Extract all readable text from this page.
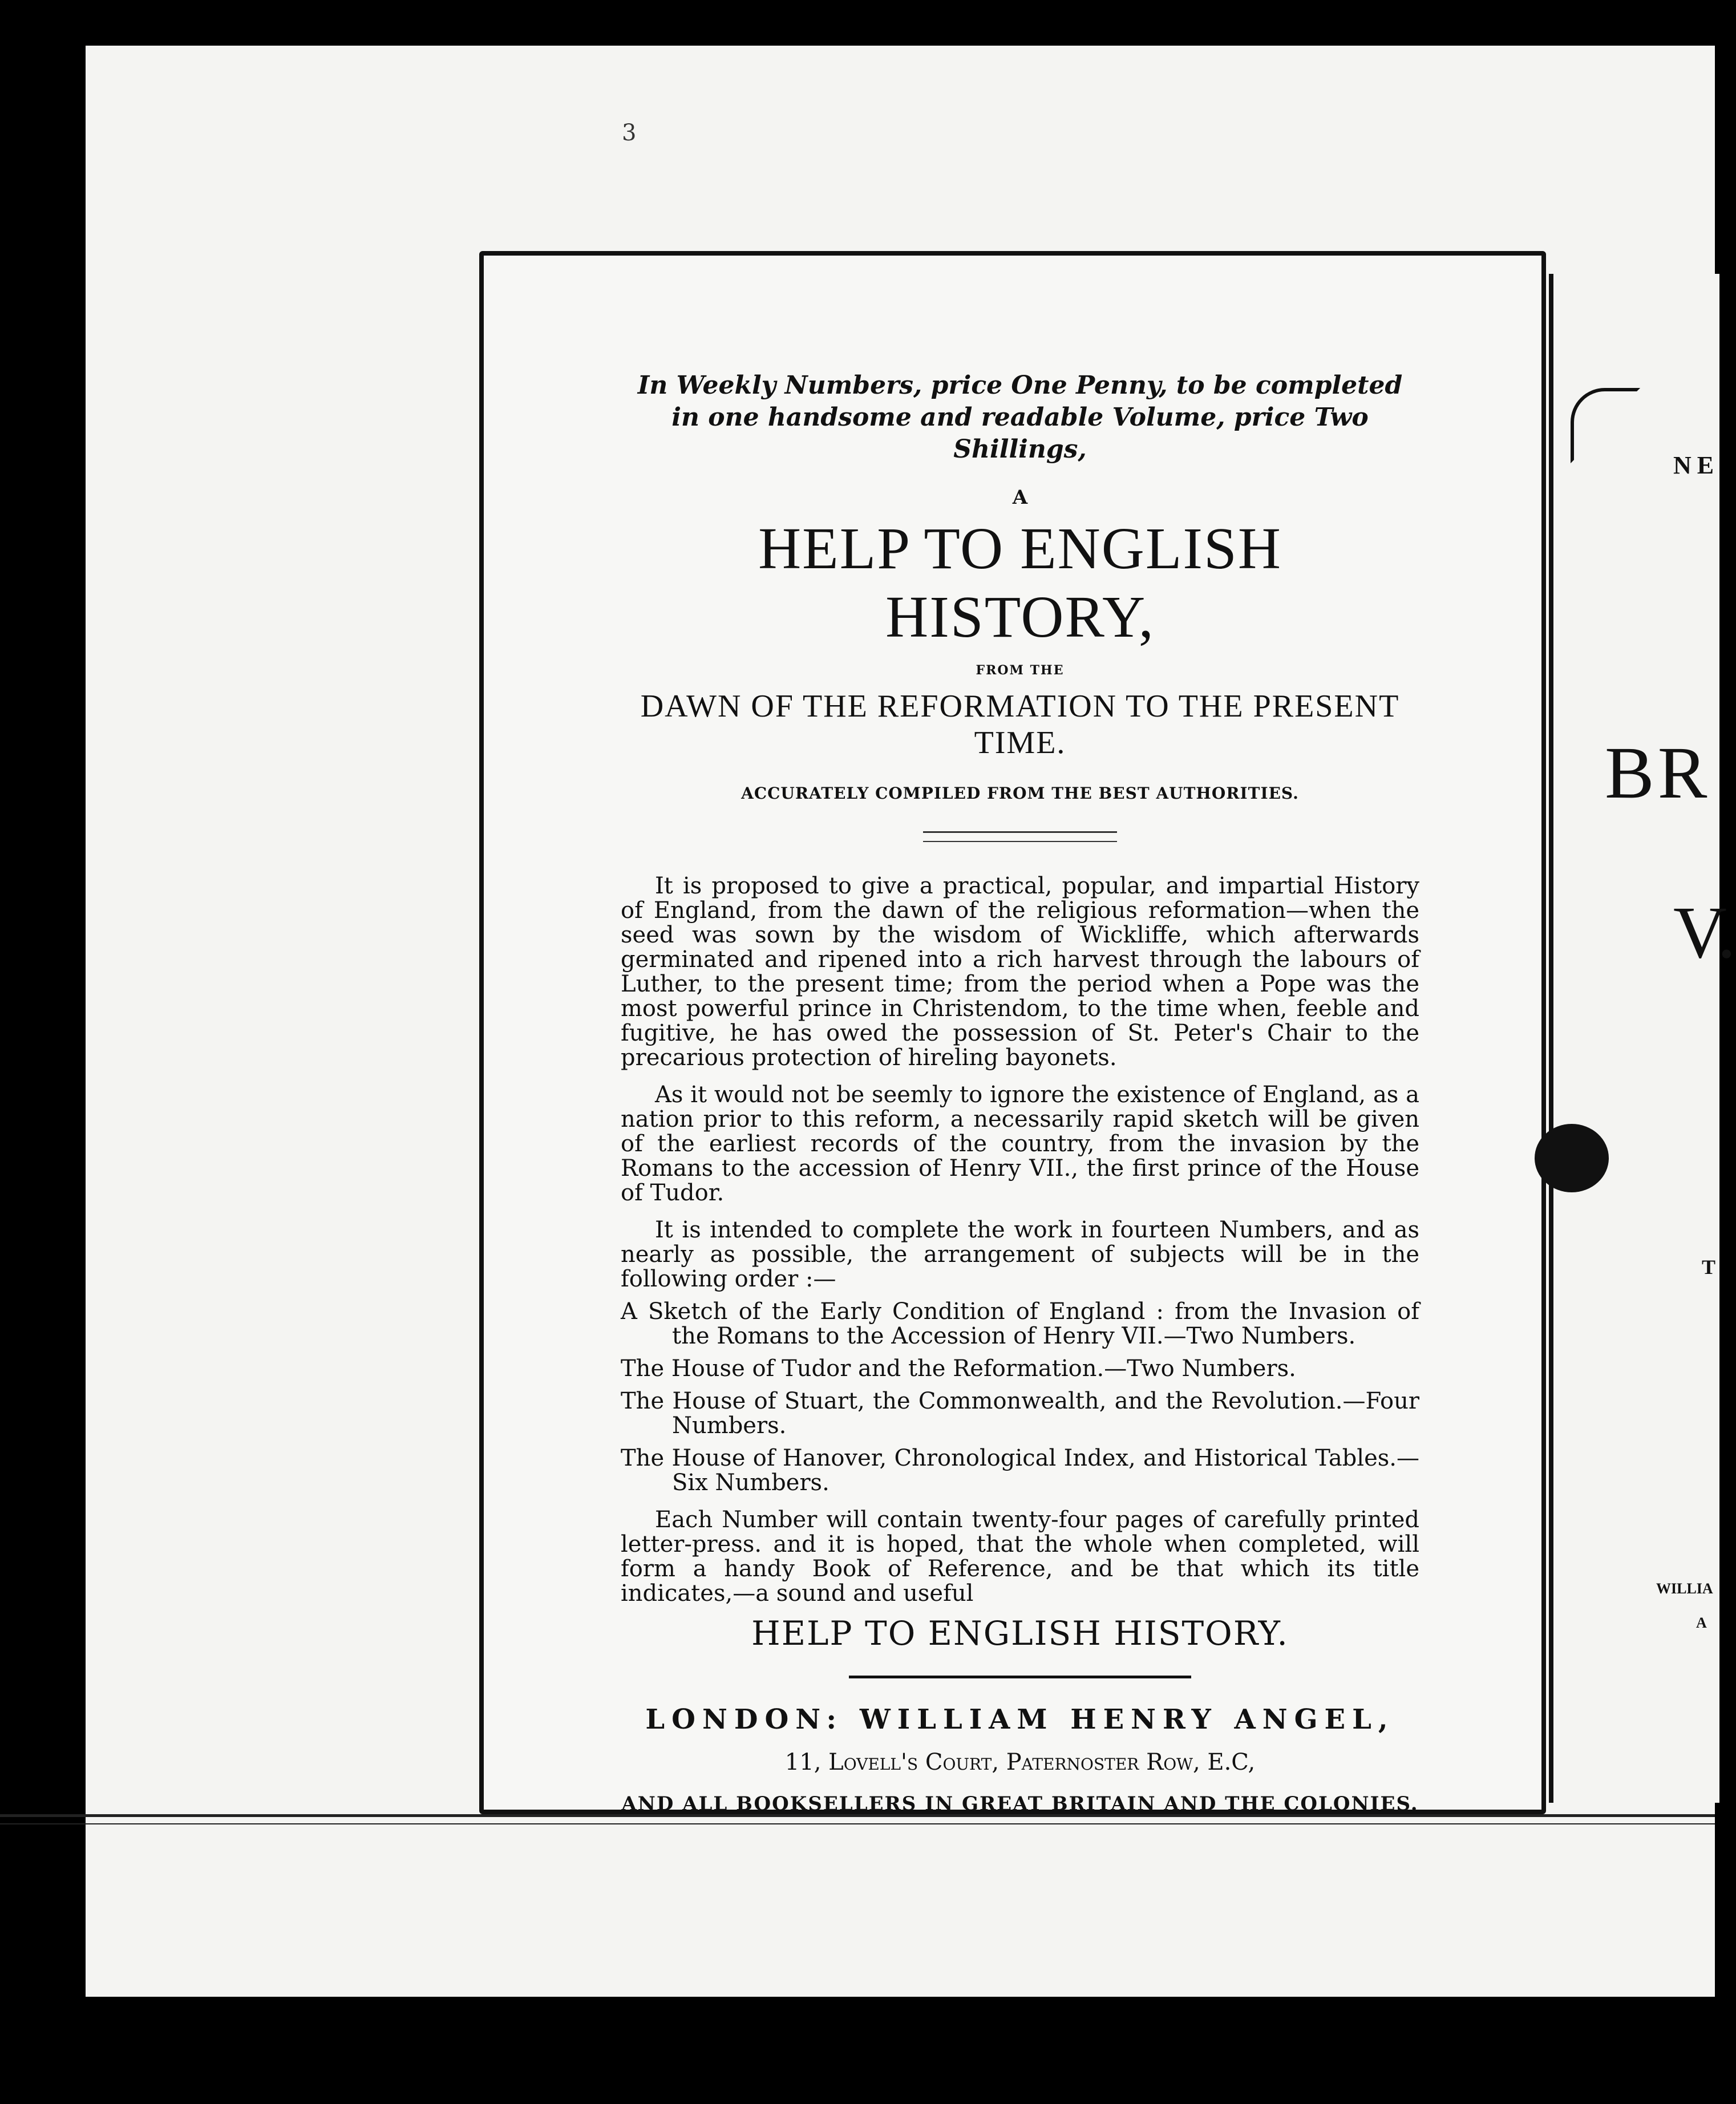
3
In Weekly Numbers, price One Penny, to be completed in one handsome and readable Volume, price Two Shillings,
A
HELP TO ENGLISH HISTORY,
FROM THE
DAWN OF THE REFORMATION TO THE PRESENT TIME.
ACCURATELY COMPILED FROM THE BEST AUTHORITIES.
It is proposed to give a practical, popular, and impartial History of England, from the dawn of the religious reformation—when the seed was sown by the wisdom of Wickliffe, which afterwards germinated and ripened into a rich harvest through the labours of Luther, to the present time; from the period when a Pope was the most powerful prince in Christendom, to the time when, feeble and fugitive, he has owed the possession of St. Peter's Chair to the precarious protection of hireling bayonets.
As it would not be seemly to ignore the existence of England, as a nation prior to this reform, a necessarily rapid sketch will be given of the earliest records of the country, from the invasion by the Romans to the accession of Henry VII., the first prince of the House of Tudor.
It is intended to complete the work in fourteen Numbers, and as nearly as possible, the arrangement of subjects will be in the following order :—
A Sketch of the Early Condition of England : from the Invasion of the Romans to the Accession of Henry VII.—Two Numbers.
The House of Tudor and the Reformation.—Two Numbers.
The House of Stuart, the Commonwealth, and the Revolution.—Four Numbers.
The House of Hanover, Chronological Index, and Historical Tables.—Six Numbers.
Each Number will contain twenty-four pages of carefully printed letter-press. and it is hoped, that the whole when completed, will form a handy Book of Reference, and be that which its title indicates,—a sound and useful
HELP TO ENGLISH HISTORY.
LONDON: WILLIAM HENRY ANGEL,
11, Lovell's Court, Paternoster Row, E.C,
AND ALL BOOKSELLERS IN GREAT BRITAIN AND THE COLONIES.
NE
BR
V.
T
WILLIA
A
